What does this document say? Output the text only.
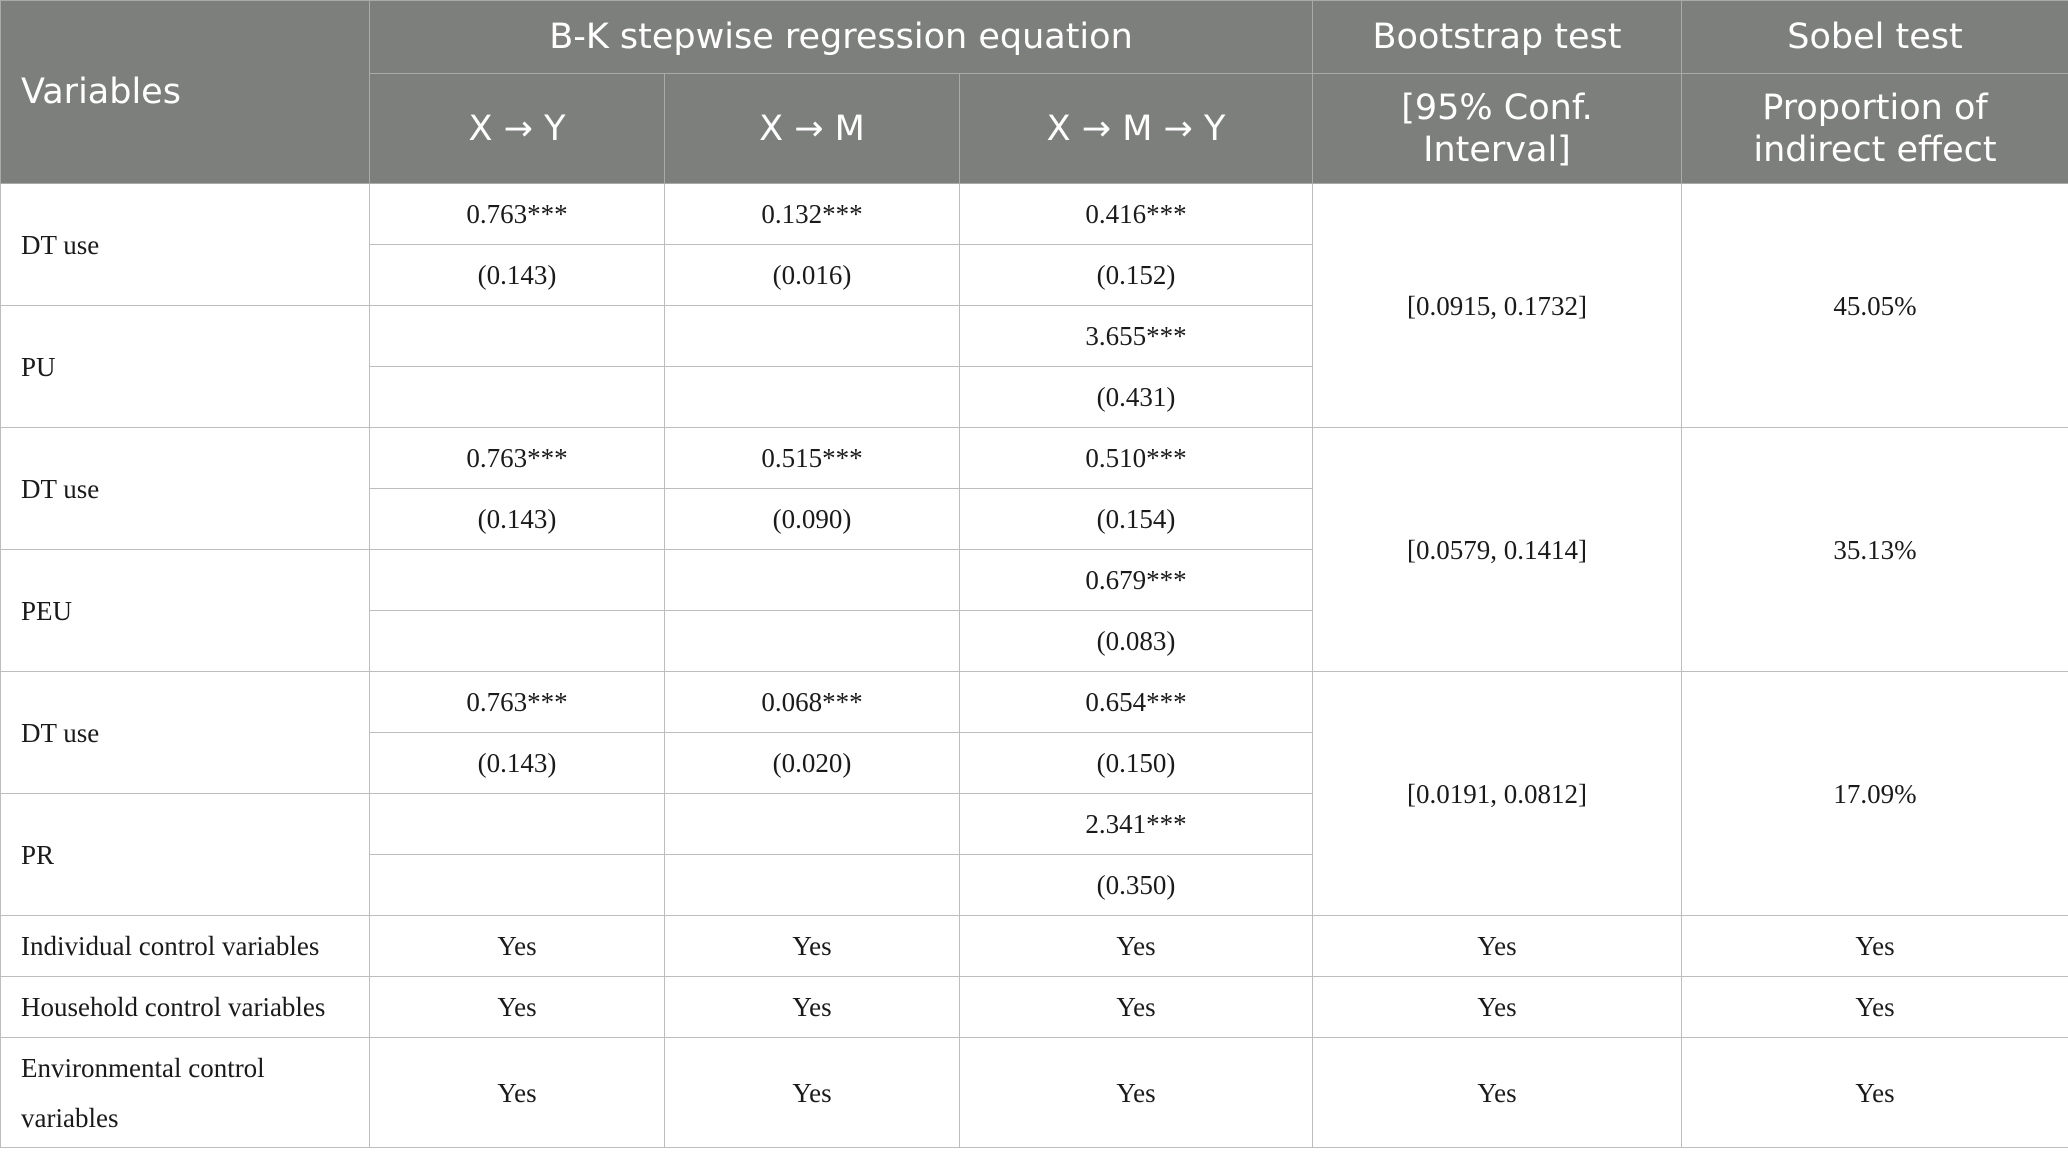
Variables	B-K stepwise regression equation			Bootstrap test	Sobel test
	X → Y	X → M	X → M → Y	[95% Conf. Interval]	Proportion of indirect effect
DT use	0.763***	0.132***	0.416***	[0.0915, 0.1732]	45.05%
	(0.143)	(0.016)	(0.152)		
PU			3.655***		
			(0.431)		
DT use	0.763***	0.515***	0.510***	[0.0579, 0.1414]	35.13%
	(0.143)	(0.090)	(0.154)		
PEU			0.679***		
			(0.083)		
DT use	0.763***	0.068***	0.654***	[0.0191, 0.0812]	17.09%
	(0.143)	(0.020)	(0.150)		
PR			2.341***		
			(0.350)		
Individual control variables	Yes	Yes	Yes	Yes	Yes
Household control variables	Yes	Yes	Yes	Yes	Yes
Environmental control variables	Yes	Yes	Yes	Yes	Yes
